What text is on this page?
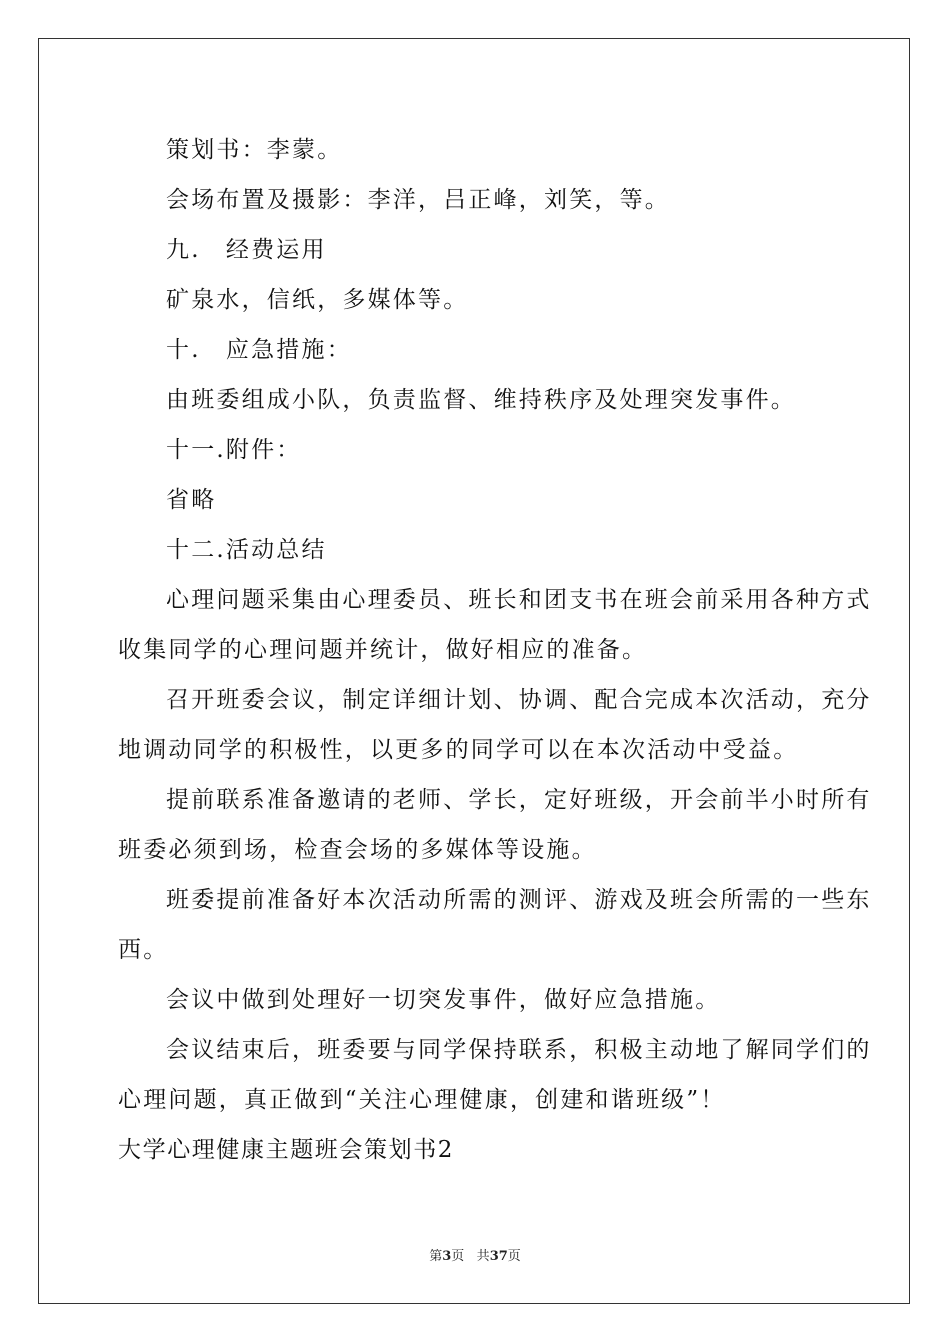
策划书：李蒙。
会场布置及摄影：李洋，吕正峰，刘笑，等。
九.　经费运用
矿泉水，信纸，多媒体等。
十.　应急措施：
由班委组成小队，负责监督、维持秩序及处理突发事件。
十一.附件：
省略
十二.活动总结
心理问题采集由心理委员、班长和团支书在班会前采用各种方式
收集同学的心理问题并统计，做好相应的准备。
召开班委会议，制定详细计划、协调、配合完成本次活动，充分
地调动同学的积极性，以更多的同学可以在本次活动中受益。
提前联系准备邀请的老师、学长，定好班级，开会前半小时所有
班委必须到场，检查会场的多媒体等设施。
班委提前准备好本次活动所需的测评、游戏及班会所需的一些东
西。
会议中做到处理好一切突发事件，做好应急措施。
会议结束后，班委要与同学保持联系，积极主动地了解同学们的
心理问题，真正做到“关注心理健康，创建和谐班级”！
大学心理健康主题班会策划书2
第3页 共37页
